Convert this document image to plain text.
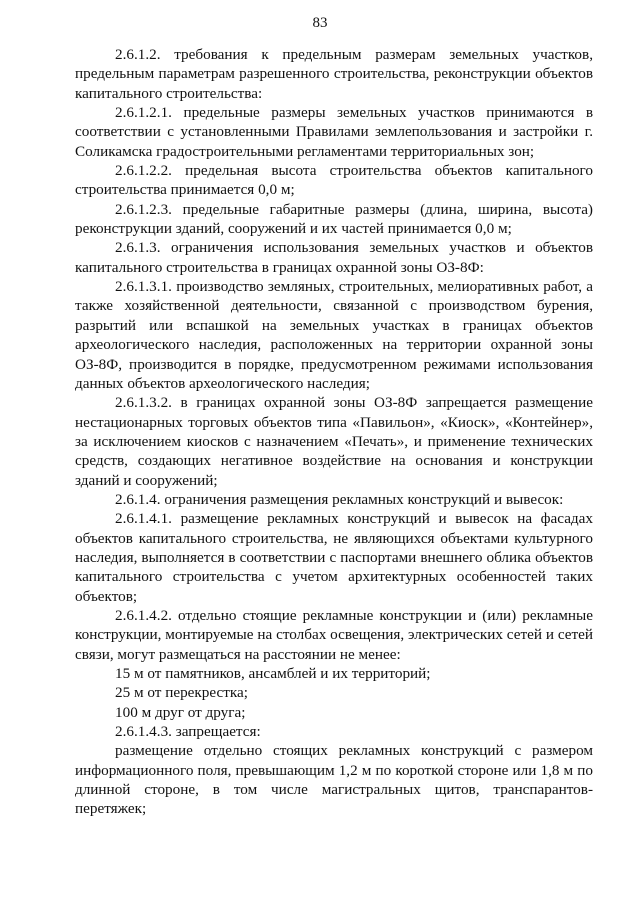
83

2.6.1.2. требования к предельным размерам земельных участков, предельным параметрам разрешенного строительства, реконструкции объектов капитального строительства:

2.6.1.2.1. предельные размеры земельных участков принимаются в соответствии с установленными Правилами землепользования и застройки г. Соликамска градостроительными регламентами территориальных зон;

2.6.1.2.2. предельная высота строительства объектов капитального строительства принимается 0,0 м;

2.6.1.2.3. предельные габаритные размеры (длина, ширина, высота) реконструкции зданий, сооружений и их частей принимается 0,0 м;

2.6.1.3. ограничения использования земельных участков и объектов капитального строительства в границах охранной зоны ОЗ-8Ф:

2.6.1.3.1. производство земляных, строительных, мелиоративных работ, а также хозяйственной деятельности, связанной с производством бурения, разрытий или вспашкой на земельных участках в границах объектов археологического наследия, расположенных на территории охранной зоны ОЗ-8Ф, производится в порядке, предусмотренном режимами использования данных объектов археологического наследия;

2.6.1.3.2. в границах охранной зоны ОЗ-8Ф запрещается размещение нестационарных торговых объектов типа «Павильон», «Киоск», «Контейнер», за исключением киосков с назначением «Печать», и применение технических средств, создающих негативное воздействие на основания и конструкции зданий и сооружений;

2.6.1.4. ограничения размещения рекламных конструкций и вывесок:

2.6.1.4.1. размещение рекламных конструкций и вывесок на фасадах объектов капитального строительства, не являющихся объектами культурного наследия, выполняется в соответствии с паспортами внешнего облика объектов капитального строительства с учетом архитектурных особенностей таких объектов;

2.6.1.4.2. отдельно стоящие рекламные конструкции и (или) рекламные конструкции, монтируемые на столбах освещения, электрических сетей и сетей связи, могут размещаться на расстоянии не менее:

15 м от памятников, ансамблей и их территорий;

25 м от перекрестка;

100 м друг от друга;

2.6.1.4.3. запрещается:

размещение отдельно стоящих рекламных конструкций с размером информационного поля, превышающим 1,2 м по короткой стороне или 1,8 м по длинной стороне, в том числе магистральных щитов, транспарантов-перетяжек;
